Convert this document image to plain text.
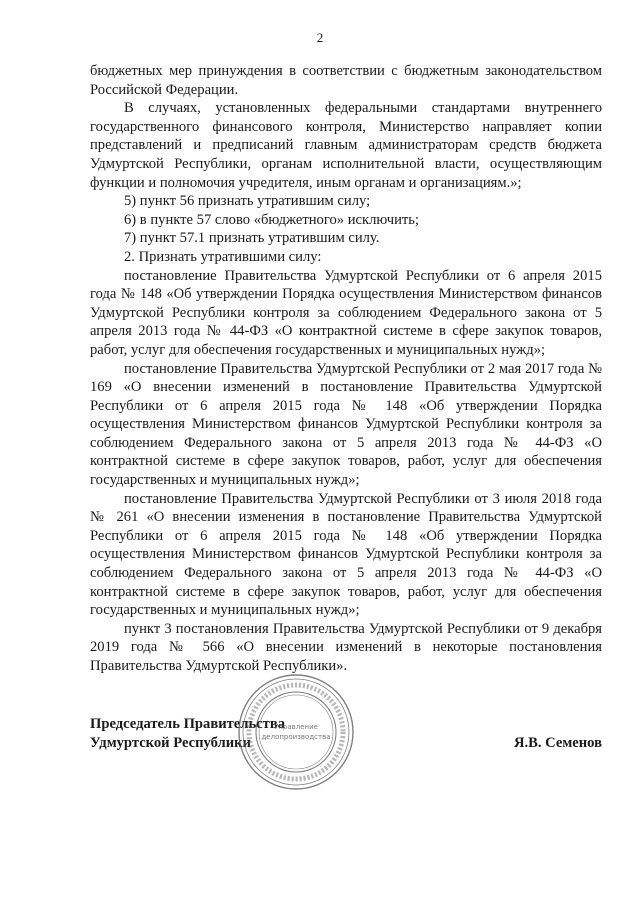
2

бюджетных мер принуждения в соответствии с бюджетным законодательством Российской Федерации.

В случаях, установленных федеральными стандартами внутреннего государственного финансового контроля, Министерство направляет копии представлений и предписаний главным администраторам средств бюджета Удмуртской Республики, органам исполнительной власти, осуществляющим функции и полномочия учредителя, иным органам и организациям.»;

5) пункт 56 признать утратившим силу;

6) в пункте 57 слово «бюджетного» исключить;

7) пункт 57.1 признать утратившим силу.

2. Признать утратившими силу:

постановление Правительства Удмуртской Республики от 6 апреля 2015 года № 148 «Об утверждении Порядка осуществления Министерством финансов Удмуртской Республики контроля за соблюдением Федерального закона от 5 апреля 2013 года № 44-ФЗ «О контрактной системе в сфере закупок товаров, работ, услуг для обеспечения государственных и муниципальных нужд»;

постановление Правительства Удмуртской Республики от 2 мая 2017 года № 169 «О внесении изменений в постановление Правительства Удмуртской Республики от 6 апреля 2015 года № 148 «Об утверждении Порядка осуществления Министерством финансов Удмуртской Республики контроля за соблюдением Федерального закона от 5 апреля 2013 года № 44-ФЗ «О контрактной системе в сфере закупок товаров, работ, услуг для обеспечения государственных и муниципальных нужд»;

постановление Правительства Удмуртской Республики от 3 июля 2018 года № 261 «О внесении изменения в постановление Правительства Удмуртской Республики от 6 апреля 2015 года № 148 «Об утверждении Порядка осуществления Министерством финансов Удмуртской Республики контроля за соблюдением Федерального закона от 5 апреля 2013 года № 44-ФЗ «О контрактной системе в сфере закупок товаров, работ, услуг для обеспечения государственных и муниципальных нужд»;

пункт 3 постановления Правительства Удмуртской Республики от 9 декабря 2019 года № 566 «О внесении изменений в некоторые постановления Правительства Удмуртской Республики».

Председатель Правительства
Удмуртской Республики	Я.В. Семенов
Управление
делопроизводства
